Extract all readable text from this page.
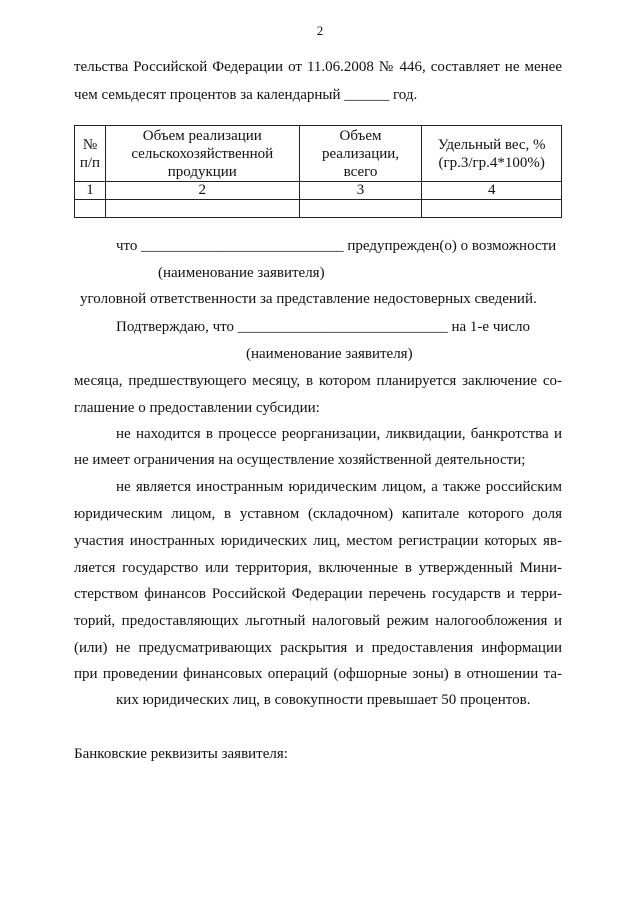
2
тельства Российской Федерации от 11.06.2008 № 446, составляет не менее
чем семьдесят процентов за календарный ______ год.
№ п/п	Объем реализации сельскохозяйственной продукции	Объем реализации, всего	Удельный вес, % (гр.3/гр.4*100%)
1	2	3	4

что ___________________________ предупрежден(о) о возможности
(наименование заявителя)
уголовной ответственности за представление недостоверных сведений.
Подтверждаю, что ____________________________ на 1-е число
(наименование заявителя)
месяца, предшествующего месяцу, в котором планируется заключение со-
глашение о предоставлении субсидии:
не находится в процессе реорганизации, ликвидации, банкротства и
не имеет ограничения на осуществление хозяйственной деятельности;
не является иностранным юридическим лицом, а также российским
юридическим лицом, в уставном (складочном) капитале которого доля
участия иностранных юридических лиц, местом регистрации которых яв-
ляется государство или территория, включенные в утвержденный Мини-
стерством финансов Российской Федерации перечень государств и терри-
торий, предоставляющих льготный налоговый режим налогообложения и
(или) не предусматривающих раскрытия и предоставления информации
при проведении финансовых операций (офшорные зоны) в отношении та-
ких юридических лиц, в совокупности превышает 50 процентов.
Банковские реквизиты заявителя:
